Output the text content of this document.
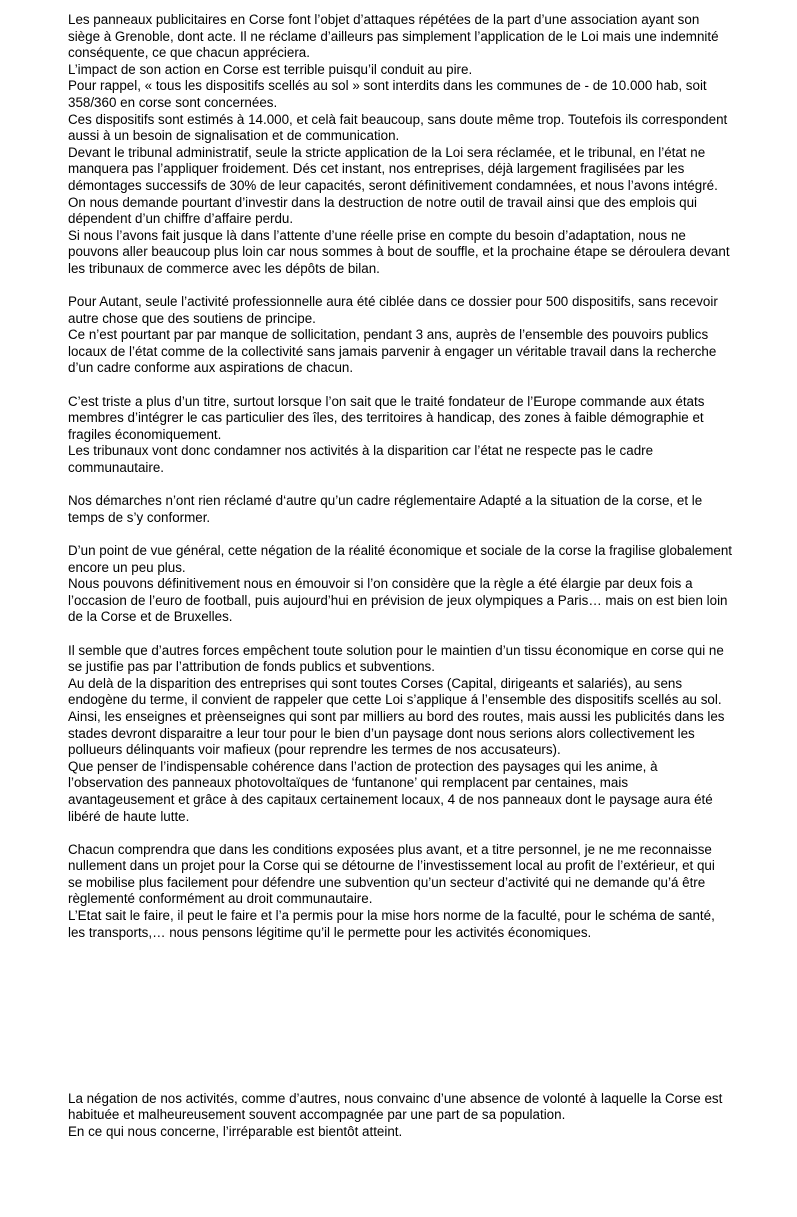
Les panneaux publicitaires en Corse font l’objet d’attaques répétées de la part d’une association ayant son siège à Grenoble, dont acte. Il ne réclame d’ailleurs pas simplement l’application de le Loi mais une indemnité conséquente, ce que chacun appréciera.

L’impact de son action en Corse est terrible puisqu’il conduit au pire.

Pour rappel, « tous les dispositifs scellés au sol » sont interdits dans les communes de - de 10.000 hab, soit 358/360 en corse sont concernées.

Ces dispositifs sont estimés à 14.000, et celà fait beaucoup, sans doute même trop. Toutefois ils correspondent aussi à un besoin de signalisation et de communication.

Devant le tribunal administratif, seule la stricte application de la Loi sera réclamée, et le tribunal, en l’état ne manquera pas l’appliquer froidement. Dés cet instant, nos entreprises, déjà largement fragilisées par les démontages successifs de 30% de leur capacités, seront définitivement condamnées, et nous l’avons intégré.

On nous demande pourtant d’investir dans la destruction de notre outil de travail ainsi que des emplois qui dépendent d’un chiffre d’affaire perdu.

Si nous l’avons fait jusque là dans l’attente d’une réelle prise en compte du besoin d’adaptation, nous ne pouvons aller beaucoup plus loin car nous sommes à bout de souffle, et la prochaine étape se déroulera devant les tribunaux de commerce avec les dépôts de bilan.

Pour Autant, seule l’activité professionnelle aura été ciblée dans ce dossier pour 500 dispositifs, sans recevoir autre chose que des soutiens de principe.

Ce n’est pourtant par par manque de sollicitation, pendant 3 ans, auprès de l’ensemble des pouvoirs publics locaux de l’état comme de la collectivité sans jamais parvenir à engager un véritable travail dans la recherche d’un cadre conforme aux aspirations de chacun.

C’est triste a plus d’un titre, surtout lorsque l’on sait que le traité fondateur de l’Europe commande aux états membres d’intégrer le cas particulier des îles, des territoires à handicap, des zones à faible démographie et fragiles économiquement.

Les tribunaux vont donc condamner nos activités à la disparition car l’état ne respecte pas le cadre communautaire.

Nos démarches n’ont rien réclamé d‘autre qu’un cadre réglementaire Adapté a la situation de la corse, et le temps de s’y conformer.

D’un point de vue général, cette négation de la réalité économique et sociale de la corse la fragilise globalement encore un peu plus.

Nous pouvons définitivement nous en émouvoir si l’on considère que la règle a été élargie par deux fois a l’occasion de l’euro de football, puis aujourd’hui en prévision de jeux olympiques a Paris… mais on est bien loin de la Corse et de Bruxelles.

Il semble que d’autres forces empêchent toute solution pour le maintien d’un tissu économique en corse qui ne se justifie pas par l’attribution de fonds publics et subventions.

Au delà de la disparition des entreprises qui sont toutes Corses (Capital, dirigeants et salariés), au sens endogène du terme, il convient de rappeler que cette Loi s’applique á l’ensemble des dispositifs scellés au sol.

Ainsi, les enseignes et prèenseignes qui sont par milliers au bord des routes, mais aussi les publicités dans les stades devront disparaitre a leur tour pour le bien d’un paysage dont nous serions alors collectivement les pollueurs délinquants voir mafieux (pour reprendre les termes de nos accusateurs).

Que penser de l’indispensable cohérence dans l’action de protection des paysages qui les anime, à l’observation des panneaux photovoltaïques de ‘funtanone’ qui remplacent par centaines, mais avantageusement et grâce à des capitaux certainement locaux, 4 de nos panneaux dont le paysage aura été libéré de haute lutte.

Chacun comprendra que dans les conditions exposées plus avant, et a titre personnel, je ne me reconnaisse nullement dans un projet pour la Corse qui se détourne de l’investissement local au profit de l’extérieur, et qui se mobilise plus facilement pour défendre une subvention qu’un secteur d’activité qui ne demande qu’á être règlementé conformément au droit communautaire.

L’Etat sait le faire, il peut le faire et l’a permis pour la mise hors norme de la faculté, pour le schéma de santé, les transports,… nous pensons légitime qu’il le permette pour les activités économiques.

La négation de nos activités, comme d’autres, nous convainc d’une absence de volonté à laquelle la Corse est habituée et malheureusement souvent accompagnée par une part de sa population.

En ce qui nous concerne, l’irréparable est bientôt atteint.
